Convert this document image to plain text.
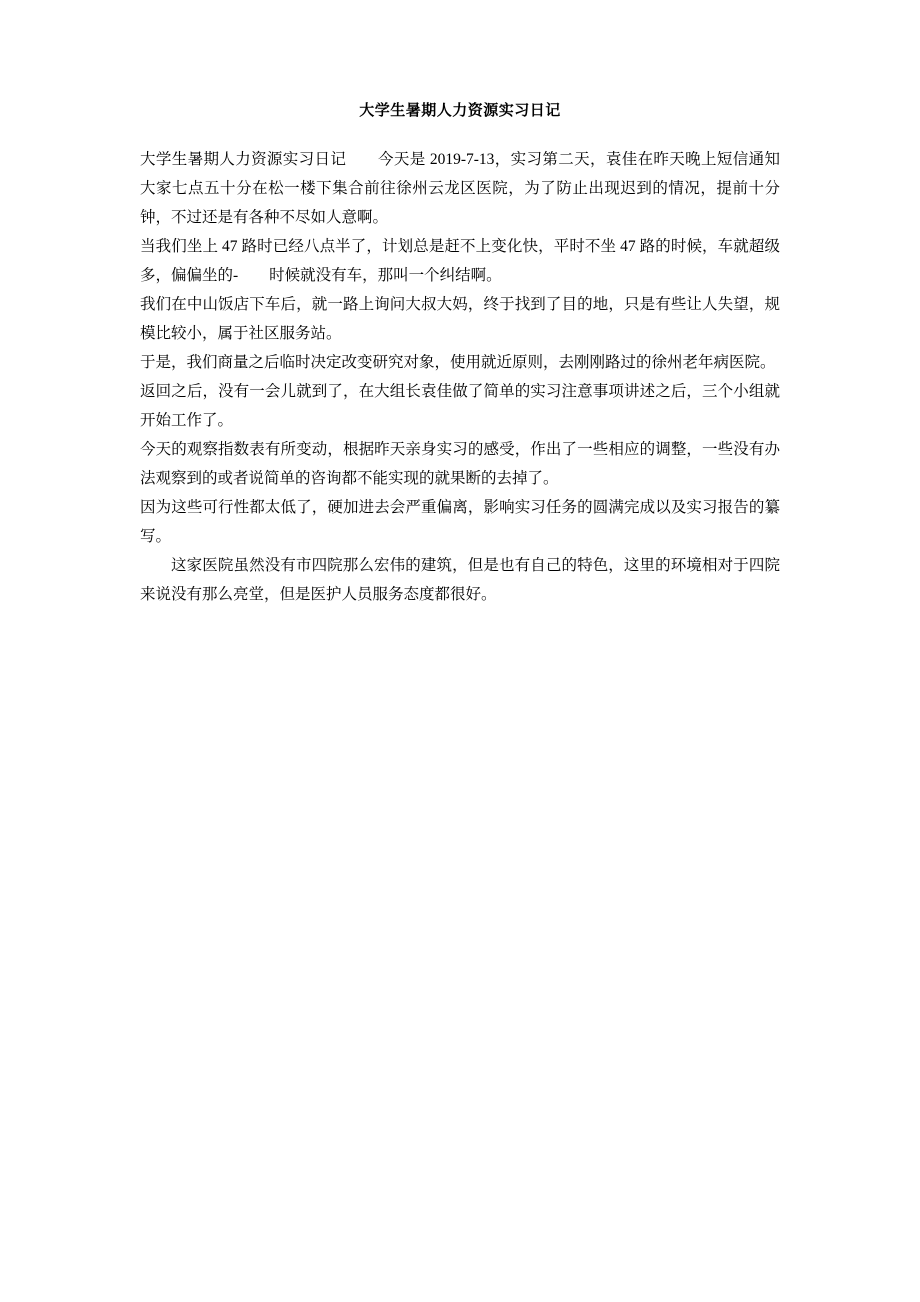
大学生暑期人力资源实习日记

大学生暑期人力资源实习日记　　今天是 2019-7-13，实习第二天，袁佳在昨天晚上短信通知大家七点五十分在松一楼下集合前往徐州云龙区医院，为了防止出现迟到的情况，提前十分钟，不过还是有各种不尽如人意啊。

当我们坐上 47 路时已经八点半了，计划总是赶不上变化快，平时不坐 47 路的时候，车就超级多，偏偏坐的-　　时候就没有车，那叫一个纠结啊。

我们在中山饭店下车后，就一路上询问大叔大妈，终于找到了目的地，只是有些让人失望，规模比较小，属于社区服务站。

于是，我们商量之后临时决定改变研究对象，使用就近原则，去刚刚路过的徐州老年病医院。

返回之后，没有一会儿就到了，在大组长袁佳做了简单的实习注意事项讲述之后，三个小组就开始工作了。

今天的观察指数表有所变动，根据昨天亲身实习的感受，作出了一些相应的调整，一些没有办法观察到的或者说简单的咨询都不能实现的就果断的去掉了。

因为这些可行性都太低了，硬加进去会严重偏离，影响实习任务的圆满完成以及实习报告的纂写。

这家医院虽然没有市四院那么宏伟的建筑，但是也有自己的特色，这里的环境相对于四院来说没有那么亮堂，但是医护人员服务态度都很好。
